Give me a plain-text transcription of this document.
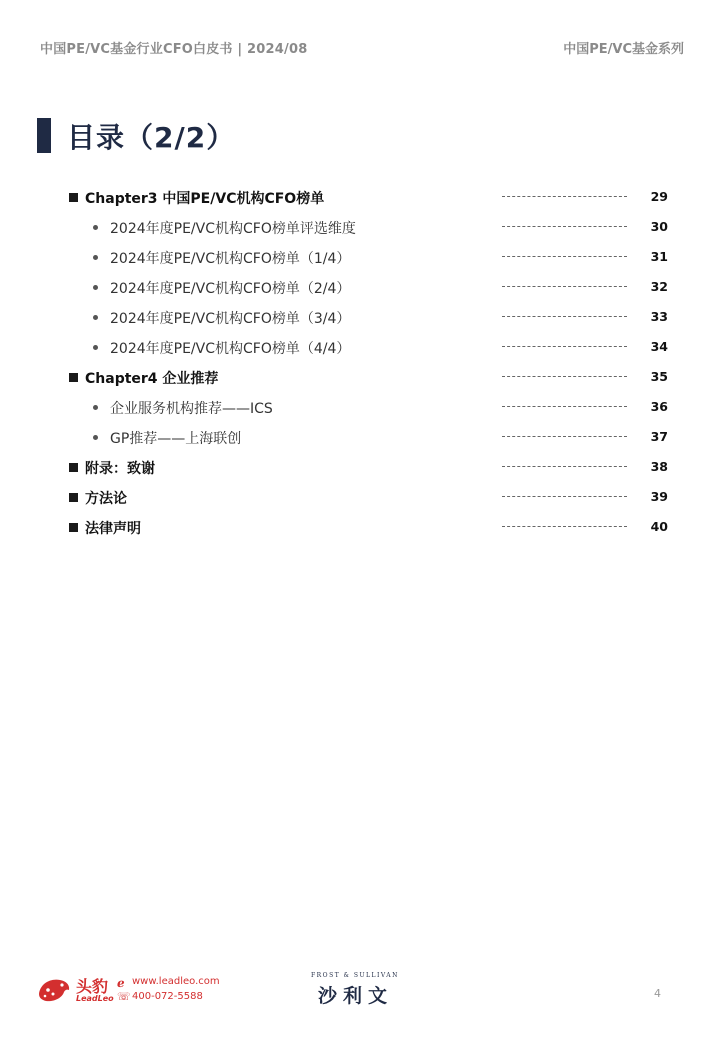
中国PE/VC基金行业CFO白皮书 | 2024/08	中国PE/VC基金系列
目录（2/2）
Chapter3 中国PE/VC机构CFO榜单	29
2024年度PE/VC机构CFO榜单评选维度	30
2024年度PE/VC机构CFO榜单（1/4）	31
2024年度PE/VC机构CFO榜单（2/4）	32
2024年度PE/VC机构CFO榜单（3/4）	33
2024年度PE/VC机构CFO榜单（4/4）	34
Chapter4 企业推荐	35
企业服务机构推荐——ICS	36
GP推荐——上海联创	37
附录：致谢	38
方法论	39
法律声明	40
头豹
LeadLeo
ℯ www.leadleo.com
☏ 400-072-5588
FROST & SULLIVAN
沙利文	4
